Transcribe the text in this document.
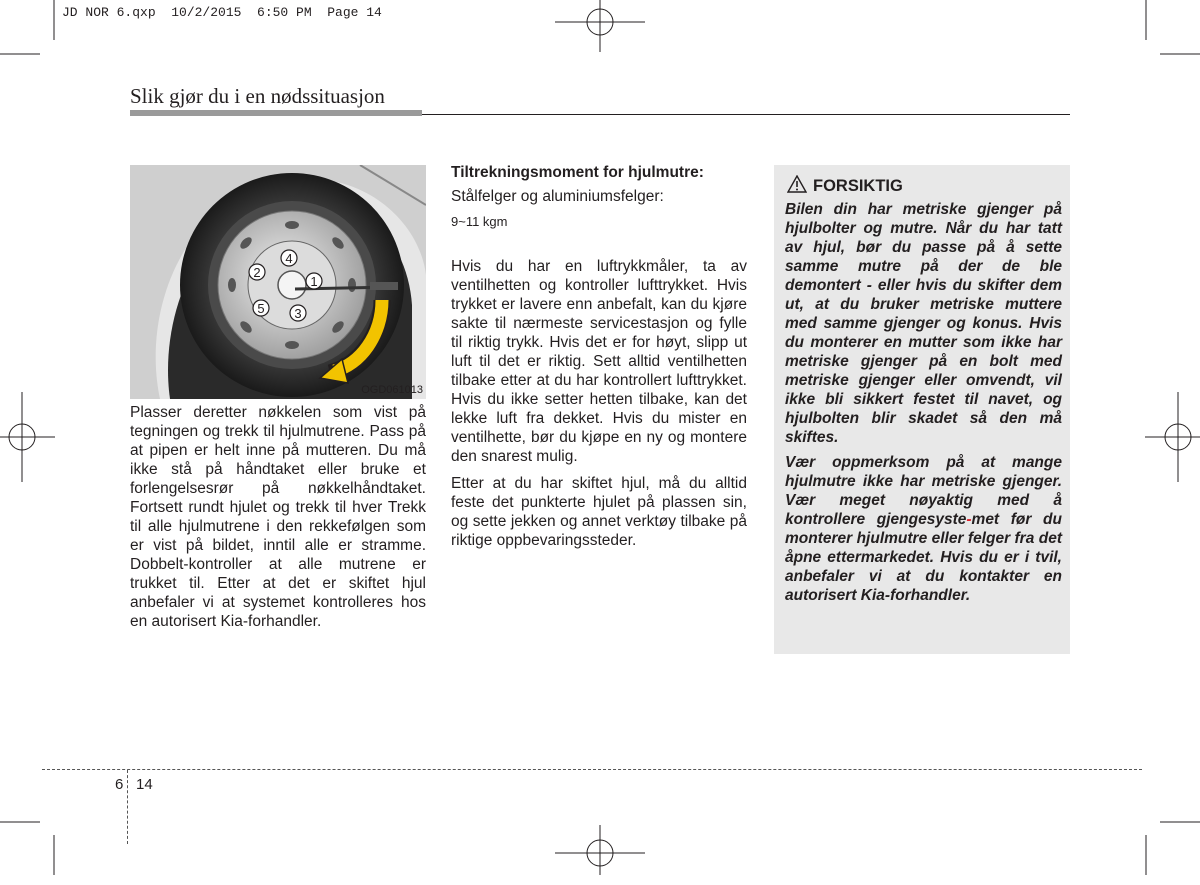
JD NOR 6.qxp  10/2/2015  6:50 PM  Page 14
Slik gjør du i en nødssituasjon
1
2
3
4
5
OGD061013

Plasser deretter nøkkelen som vist på tegningen og trekk til hjulmutrene. Pass på at pipen er helt inne på mutteren. Du må ikke stå på håndtaket eller bruke et forlengelsesrør på nøkkelhåndtaket. Fortsett rundt hjulet og trekk til hver Trekk til alle hjulmutrene i den rekkefølgen som er vist på bildet, inntil alle er stramme. Dobbelt-kontroller at alle mutrene er trukket til. Etter at det er skiftet hjul anbefaler vi at systemet kontrolleres hos en autorisert Kia-forhandler.

Tiltrekningsmoment for hjulmutre:

Stålfelger og aluminiumsfelger:

9~11 kgm

Hvis du har en luftrykkmåler, ta av ventilhetten og kontroller lufttrykket. Hvis trykket er lavere enn anbefalt, kan du kjøre sakte til nærmeste servicestasjon og fylle til riktig trykk. Hvis det er for høyt, slipp ut luft til det er riktig. Sett alltid ventilhetten tilbake etter at du har kontrollert lufttrykket. Hvis du ikke setter hetten tilbake, kan det lekke luft fra dekket. Hvis du mister en ventilhette, bør du kjøpe en ny og montere den snarest mulig.

Etter at du har skiftet hjul, må du alltid feste det punkterte hjulet på plassen sin, og sette jekken og annet verktøy tilbake på riktige oppbevaringssteder.

FORSIKTIG

Bilen din har metriske gjenger på hjulbolter og mutre. Når du har tatt av hjul, bør du passe på å sette samme mutre på der de ble demontert - eller hvis du skifter dem ut, at du bruker metriske muttere med samme gjenger og konus. Hvis du monterer en mutter som ikke har metriske gjenger på en bolt med metriske gjenger eller omvendt, vil ikke bli sikkert festet til navet, og hjulbolten blir skadet så den må skiftes.

Vær oppmerksom på at mange hjulmutre ikke har metriske gjenger. Vær meget nøyaktig med å kontrollere gjengesyste-met før du monterer hjulmutre eller felger fra det åpne ettermarkedet. Hvis du er i tvil, anbefaler vi at du kontakter en autorisert Kia-forhandler.

6 14
